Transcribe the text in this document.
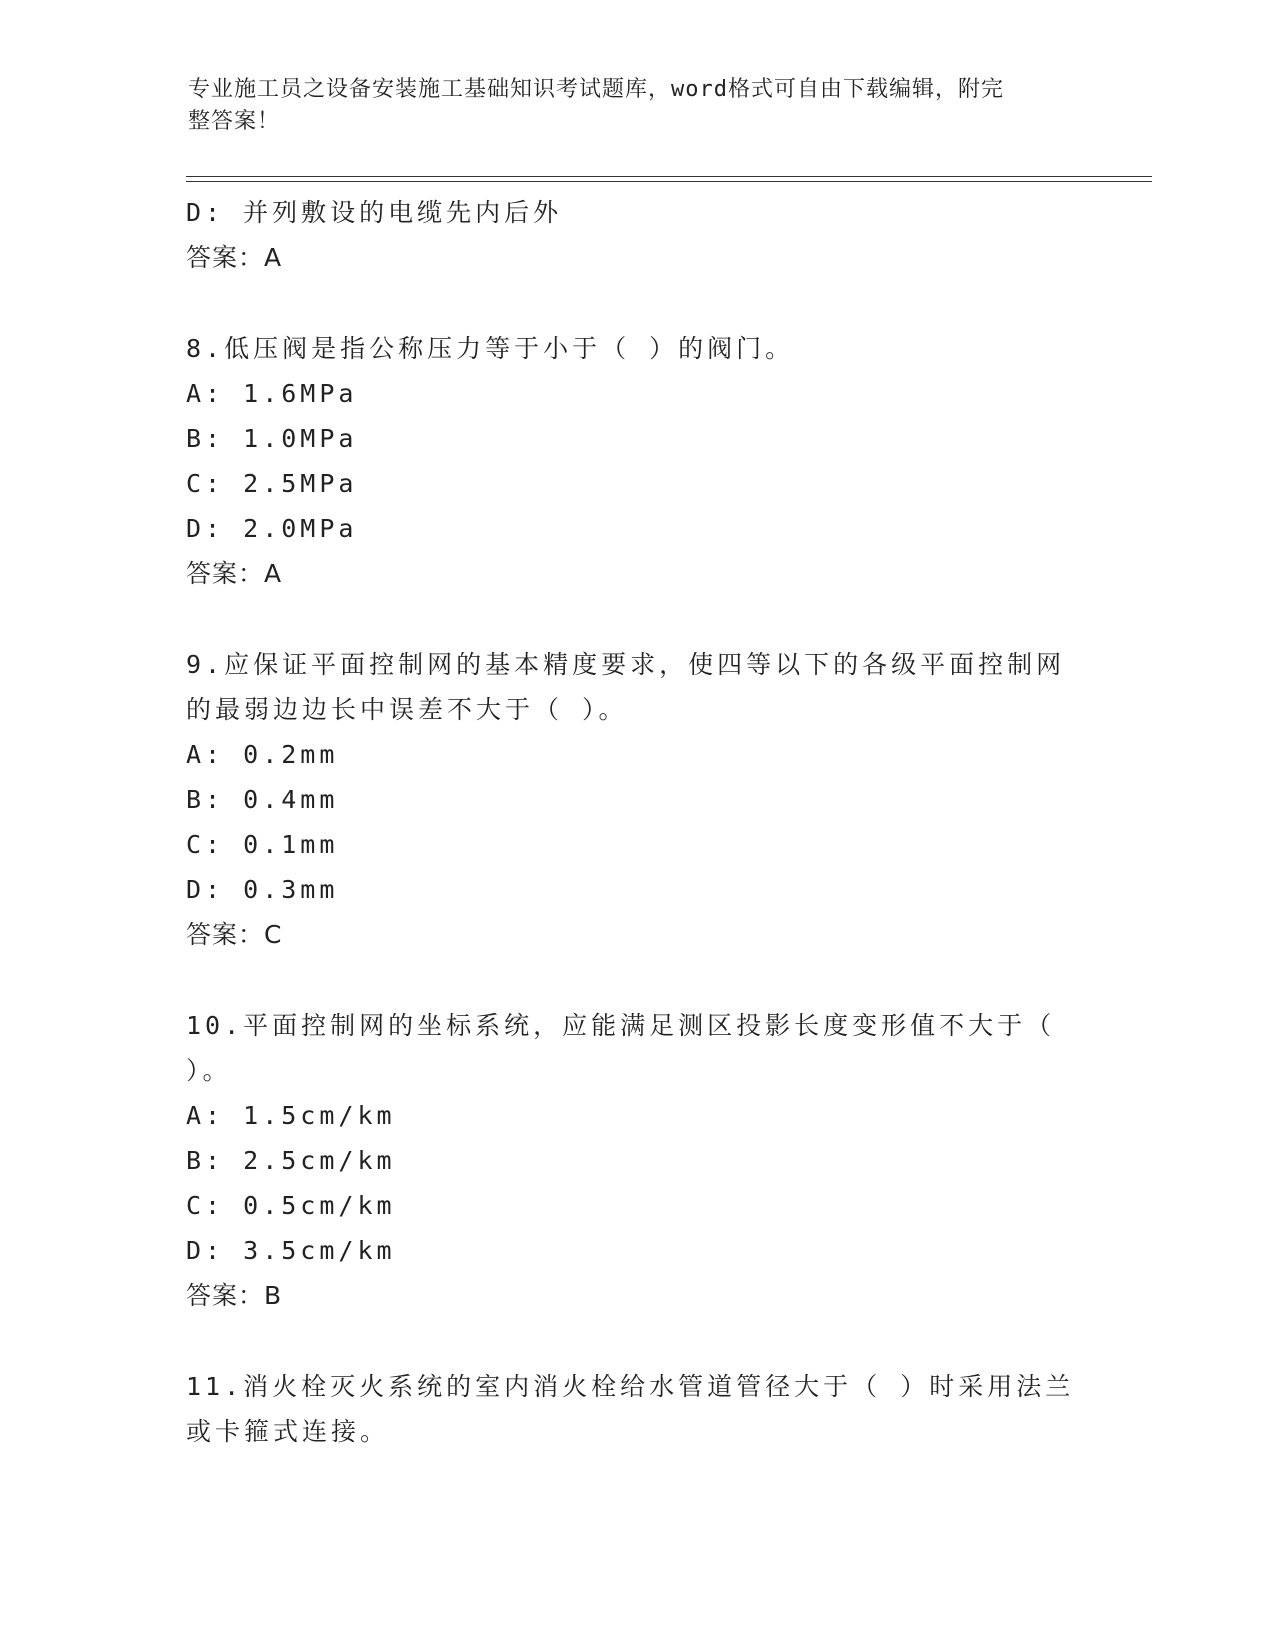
专业施工员之设备安装施工基础知识考试题库，word格式可自由下载编辑，附完
整答案！
D: 并列敷设的电缆先内后外
答案：A
8.低压阀是指公称压力等于小于（ ）的阀门。
A: 1.6MPa
B: 1.0MPa
C: 2.5MPa
D: 2.0MPa
答案：A
9.应保证平面控制网的基本精度要求，使四等以下的各级平面控制网
的最弱边边长中误差不大于（ ）。
A: 0.2mm
B: 0.4mm
C: 0.1mm
D: 0.3mm
答案：C
10.平面控制网的坐标系统，应能满足测区投影长度变形值不大于（
）。
A: 1.5cm/km
B: 2.5cm/km
C: 0.5cm/km
D: 3.5cm/km
答案：B
11.消火栓灭火系统的室内消火栓给水管道管径大于（ ）时采用法兰
或卡箍式连接。
